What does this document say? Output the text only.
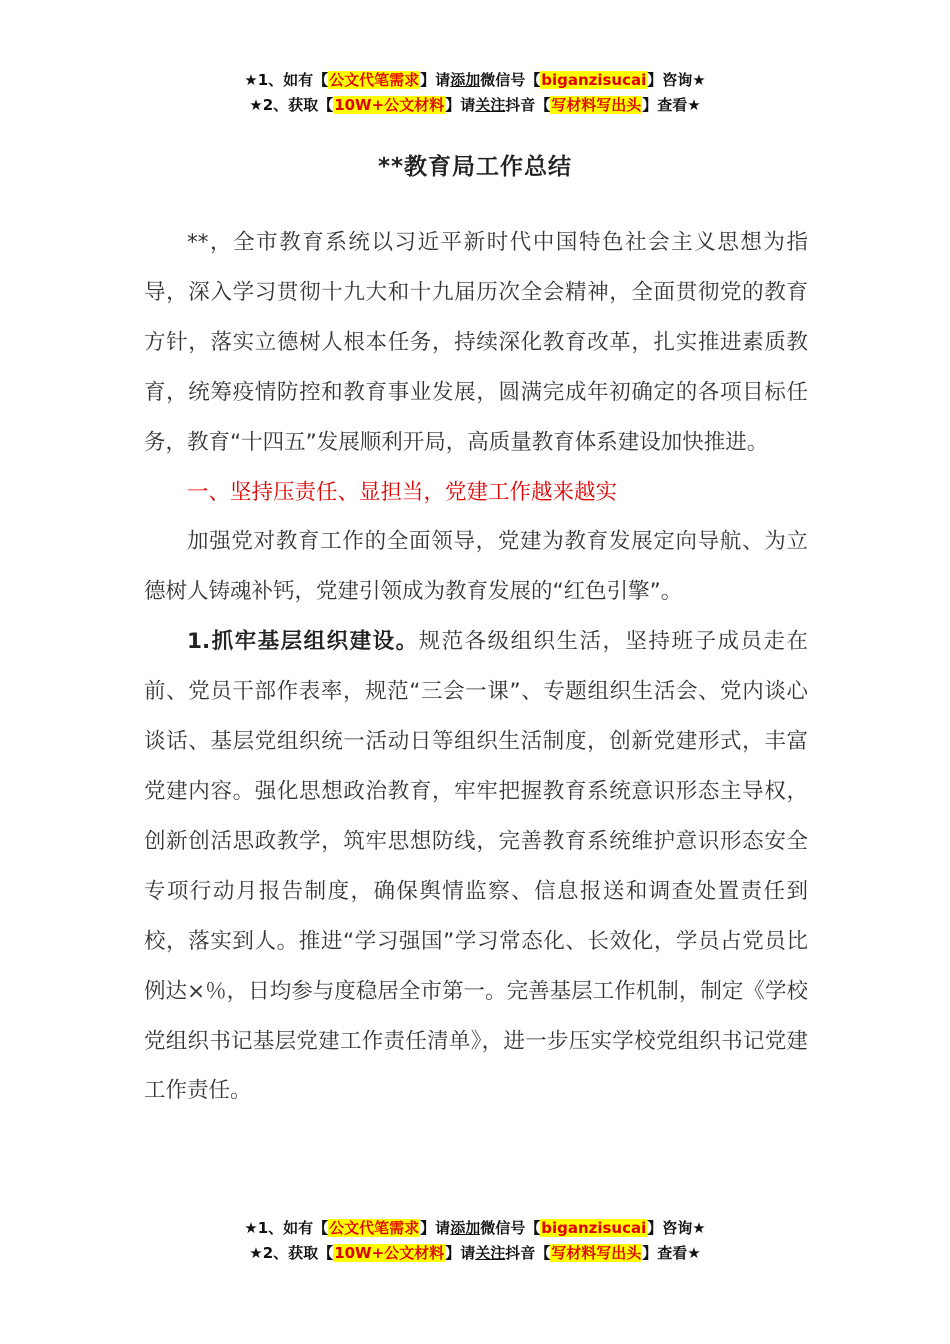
★1、如有【公文代笔需求】请添加微信号【biganzisucai】咨询★
★2、获取【10W+公文材料】请关注抖音【写材料写出头】查看★
**教育局工作总结

**，全市教育系统以习近平新时代中国特色社会主义思想为指导，深入学习贯彻十九大和十九届历次全会精神，全面贯彻党的教育方针，落实立德树人根本任务，持续深化教育改革，扎实推进素质教育，统筹疫情防控和教育事业发展，圆满完成年初确定的各项目标任务，教育“十四五”发展顺利开局，高质量教育体系建设加快推进。

一、坚持压责任、显担当，党建工作越来越实

加强党对教育工作的全面领导，党建为教育发展定向导航、为立德树人铸魂补钙，党建引领成为教育发展的“红色引擎”。

1.抓牢基层组织建设。规范各级组织生活，坚持班子成员走在前、党员干部作表率，规范“三会一课”、专题组织生活会、党内谈心谈话、基层党组织统一活动日等组织生活制度，创新党建形式，丰富党建内容。强化思想政治教育，牢牢把握教育系统意识形态主导权，创新创活思政教学，筑牢思想防线，完善教育系统维护意识形态安全专项行动月报告制度，确保舆情监察、信息报送和调查处置责任到校，落实到人。推进“学习强国”学习常态化、长效化，学员占党员比例达×％，日均参与度稳居全市第一。完善基层工作机制，制定《学校党组织书记基层党建工作责任清单》，进一步压实学校党组织书记党建工作责任。

★1、如有【公文代笔需求】请添加微信号【biganzisucai】咨询★
★2、获取【10W+公文材料】请关注抖音【写材料写出头】查看★
